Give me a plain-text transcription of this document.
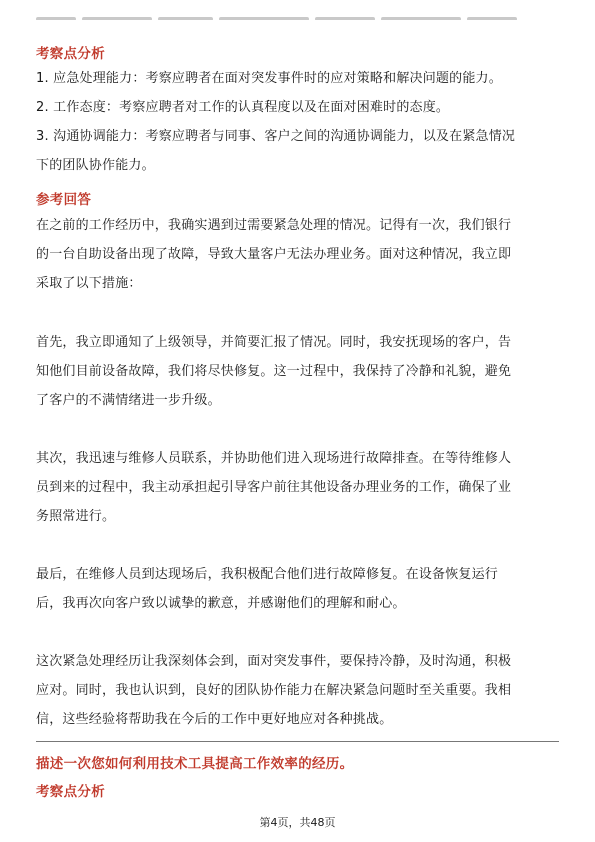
考察点分析
1. 应急处理能力：考察应聘者在面对突发事件时的应对策略和解决问题的能力。
2. 工作态度：考察应聘者对工作的认真程度以及在面对困难时的态度。
3. 沟通协调能力：考察应聘者与同事、客户之间的沟通协调能力，以及在紧急情况
下的团队协作能力。
参考回答
在之前的工作经历中，我确实遇到过需要紧急处理的情况。记得有一次，我们银行
的一台自助设备出现了故障，导致大量客户无法办理业务。面对这种情况，我立即
采取了以下措施：
首先，我立即通知了上级领导，并简要汇报了情况。同时，我安抚现场的客户，告
知他们目前设备故障，我们将尽快修复。这一过程中，我保持了冷静和礼貌，避免
了客户的不满情绪进一步升级。
其次，我迅速与维修人员联系，并协助他们进入现场进行故障排查。在等待维修人
员到来的过程中，我主动承担起引导客户前往其他设备办理业务的工作，确保了业
务照常进行。
最后，在维修人员到达现场后，我积极配合他们进行故障修复。在设备恢复运行
后，我再次向客户致以诚挚的歉意，并感谢他们的理解和耐心。
这次紧急处理经历让我深刻体会到，面对突发事件，要保持冷静，及时沟通，积极
应对。同时，我也认识到，良好的团队协作能力在解决紧急问题时至关重要。我相
信，这些经验将帮助我在今后的工作中更好地应对各种挑战。
描述一次您如何利用技术工具提高工作效率的经历。
考察点分析
第4页，共48页
